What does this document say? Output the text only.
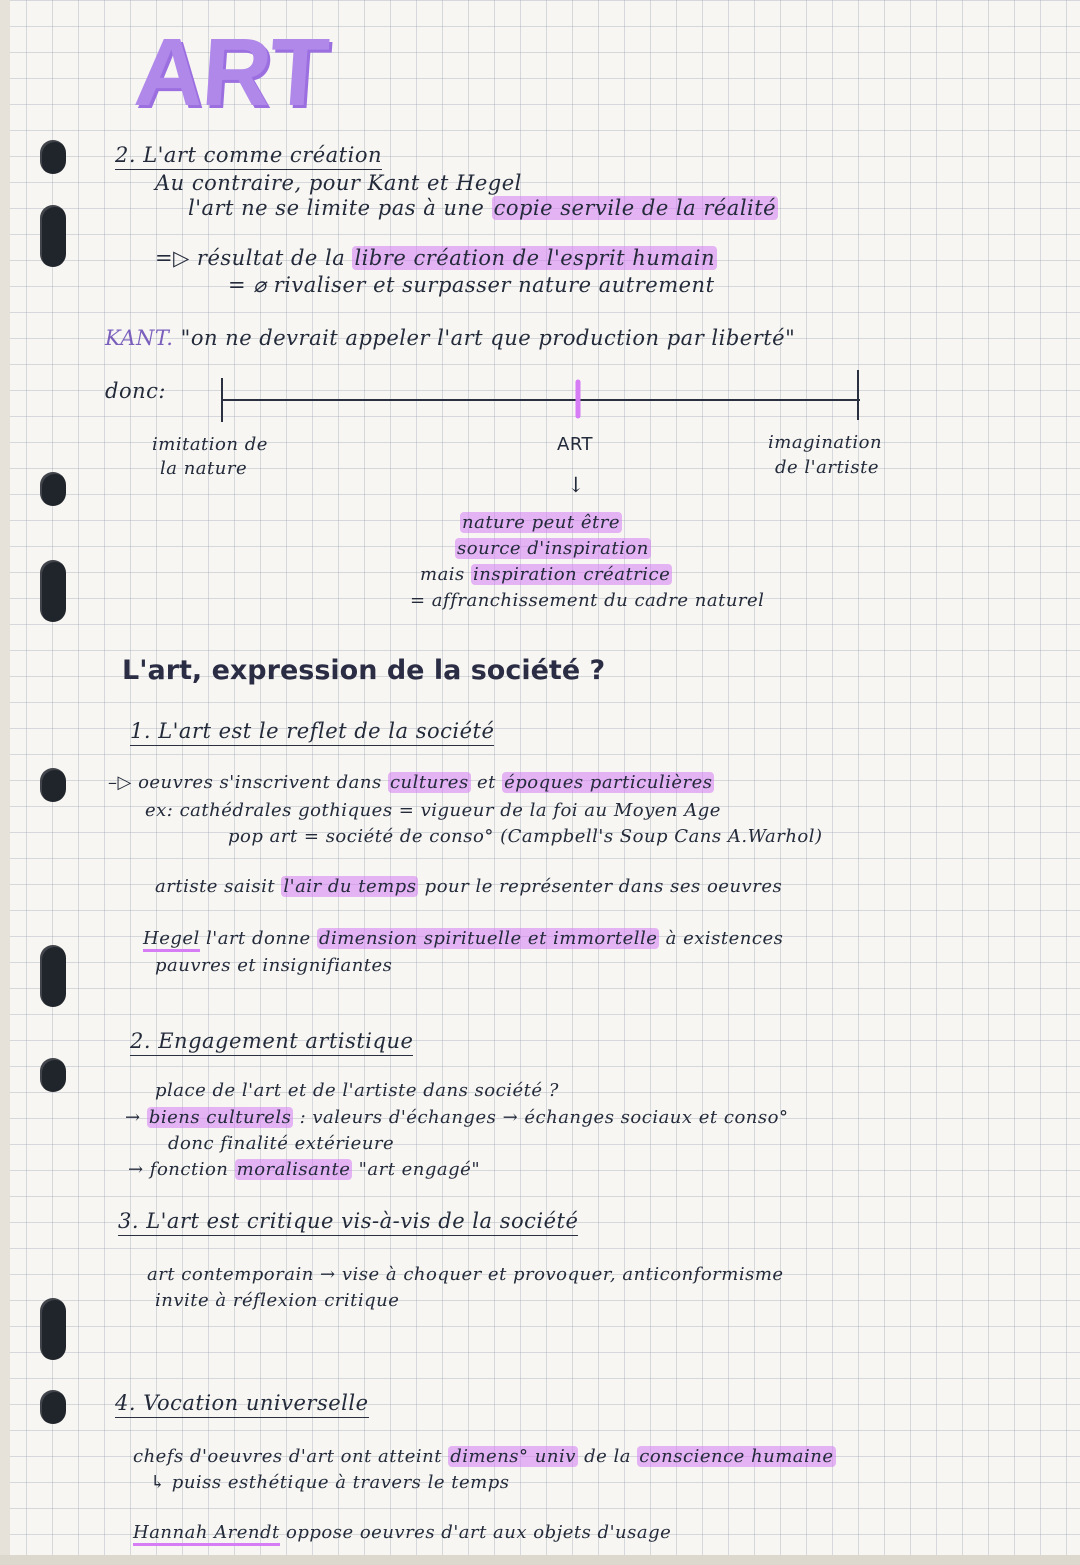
ART
2. L'art comme création
Au contraire, pour Kant et Hegel
l'art ne se limite pas à une copie servile de la réalité
=▷ résultat de la libre création de l'esprit humain
= ⌀ rivaliser et surpasser nature autrement
KANT. "on ne devrait appeler l'art que production par liberté"
donc:
imitation de
la nature
ART	imagination
de l'artiste
↓
nature peut être
source d'inspiration
mais inspiration créatrice
= affranchissement du cadre naturel
L'art, expression de la société ?
1. L'art est le reflet de la société
–▷ oeuvres s'inscrivent dans cultures et époques particulières
ex: cathédrales gothiques = vigueur de la foi au Moyen Age
pop art = société de conso° (Campbell's Soup Cans A.Warhol)
artiste saisit l'air du temps pour le représenter dans ses oeuvres
Hegel l'art donne dimension spirituelle et immortelle à existences
pauvres et insignifiantes
2. Engagement artistique
place de l'art et de l'artiste dans société ?
→ biens culturels : valeurs d'échanges → échanges sociaux et conso°
donc finalité extérieure
→ fonction moralisante "art engagé"
3. L'art est critique vis-à-vis de la société
art contemporain → vise à choquer et provoquer, anticonformisme
invite à réflexion critique
4. Vocation universelle
chefs d'oeuvres d'art ont atteint dimens° univ de la conscience humaine
↳ puiss esthétique à travers le temps
Hannah Arendt oppose oeuvres d'art aux objets d'usage
